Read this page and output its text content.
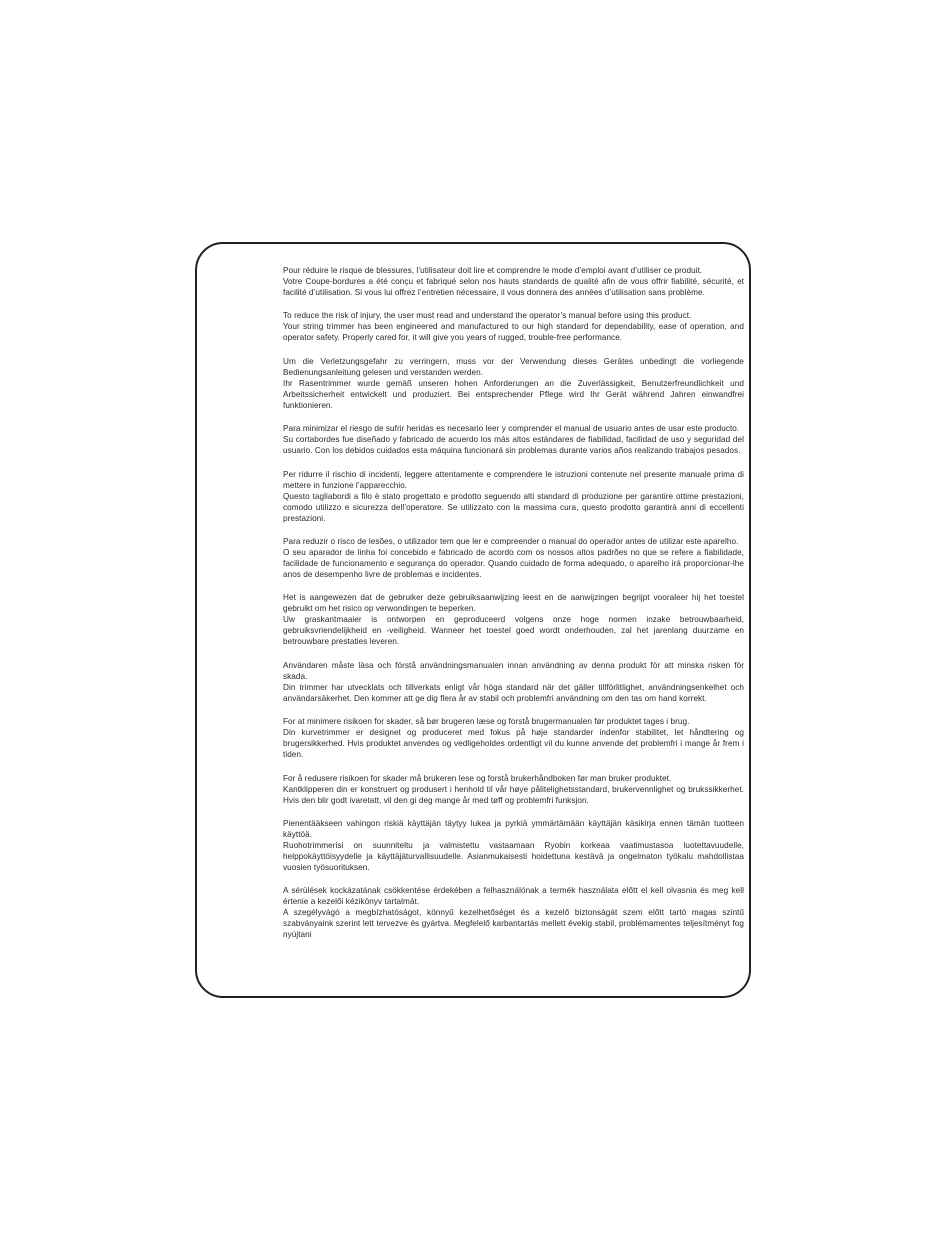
Pour réduire le risque de blessures, l’utilisateur doit lire et comprendre le mode d’emploi avant d’utiliser ce produit.

Votre Coupe-bordures a été conçu et fabriqué selon nos hauts standards de qualité afin de vous offrir fiabilité, sécurité, et facilité d’utilisation. Si vous lui offrez l’entretien nécessaire, il vous donnera des années d’utilisation sans problème.

To reduce the risk of injury, the user must read and understand the operator’s manual before using this product.

Your string trimmer has been engineered and manufactured to our high standard for dependability, ease of operation, and operator safety. Properly cared for, it will give you years of rugged, trouble-free performance.

Um die Verletzungsgefahr zu verringern, muss vor der Verwendung dieses Gerätes unbedingt die vorliegende Bedienungsanleitung gelesen und verstanden werden.

Ihr Rasentrimmer wurde gemäß unseren hohen Anforderungen an die Zuverlässigkeit, Benutzerfreundlichkeit und Arbeitssicherheit entwickelt und produziert. Bei entsprechender Pflege wird Ihr Gerät während Jahren einwandfrei funktionieren.

Para minimizar el riesgo de sufrir heridas es necesario leer y comprender el manual de usuario antes de usar este producto.

Su cortabordes fue diseñado y fabricado de acuerdo los más altos estándares de fiabilidad, facilidad de uso y seguridad del usuario. Con los debidos cuidados esta máquina funcionará sin problemas durante varios años realizando trabajos pesados.

Per ridurre il rischio di incidenti, leggere attentamente e comprendere le istruzioni contenute nel presente manuale prima di mettere in funzione l’apparecchio.

Questo tagliabordi a filo è stato progettato e prodotto seguendo alti standard di produzione per garantire ottime prestazioni, comodo utilizzo e sicurezza dell’operatore. Se utilizzato con la massima cura, questo prodotto garantirà anni di eccellenti prestazioni.

Para reduzir o risco de lesões, o utilizador tem que ler e compreender o manual do operador antes de utilizar este aparelho.

O seu aparador de linha foi concebido e fabricado de acordo com os nossos altos padrões no que se refere a fiabilidade, facilidade de funcionamento e segurança do operador. Quando cuidado de forma adequado, o aparelho irá proporcionar-lhe anos de desempenho livre de problemas e incidentes.

Het is aangewezen dat de gebruiker deze gebruiksaanwijzing leest en de aanwijzingen begrijpt vooraleer hij het toestel gebruikt om het risico op verwondingen te beperken.

Uw graskantmaaier is ontworpen en geproduceerd volgens onze hoge normen inzake betrouwbaarheid, gebruiksvriendelijkheid en -veiligheid. Wanneer het toestel goed wordt onderhouden, zal het jarenlang duurzame en betrouwbare prestaties leveren.

Användaren måste läsa och förstå användningsmanualen innan användning av denna produkt för att minska risken för skada.

Din trimmer har utvecklats och tillverkats enligt vår höga standard när det gäller tillförlitlighet, användningsenkelhet och användarsäkerhet. Den kommer att ge dig flera år av stabil och problemfri användning om den tas om hand korrekt.

For at minimere risikoen for skader, så bør brugeren læse og forstå brugermanualen før produktet tages i brug.

Din kurvetrimmer er designet og produceret med fokus på høje standarder indenfor stabilitet, let håndtering og brugersikkerhed. Hvis produktet anvendes og vedligeholdes ordentligt vil du kunne anvende det problemfri i mange år frem i tiden.

For å redusere risikoen for skader må brukeren lese og forstå brukerhåndboken før man bruker produktet.

Kantklipperen din er konstruert og produsert i henhold til vår høye pålitelighetsstandard, brukervennlighet og brukssikkerhet. Hvis den blir godt ivaretatt, vil den gi deg mange år med tøff og problemfri funksjon.

Pienentääkseen vahingon riskiä käyttäjän täytyy lukea ja pyrkiä ymmärtämään käyttäjän käsikirja ennen tämän tuotteen käyttöä.

Ruohotrimmerisi on suunniteltu ja valmistettu vastaamaan Ryobin korkeaa vaatimustasoa luotettavuudelle, helppokäyttöisyydelle ja käyttäjäturvallisuudelle. Asianmukaisesti hoidettuna kestävä ja ongelmaton työkalu mahdollistaa vuosien työsuorituksen.

A sérülések kockázatának csökkentése érdekében a felhasználónak a termék használata előtt el kell olvasnia és meg kell értenie a kezelői kézikönyv tartalmát.

A szegélyvágó a megbízhatóságot, könnyű kezelhetőséget és a kezelő biztonságát szem előtt tartó magas szintű szabványaink szerint lett tervezve és gyártva. Megfelelő karbantartás mellett évekig stabil, problémamentes teljesítményt fog nyújtani
